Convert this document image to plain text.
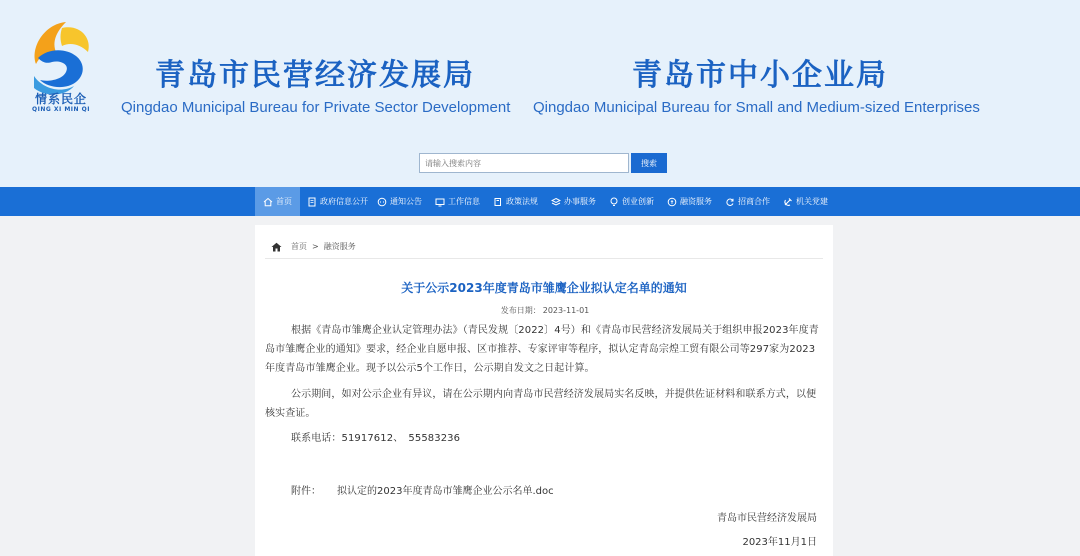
情系民企
QING XI MIN QI
青岛市民营经济发展局
Qingdao Municipal Bureau for Private Sector Development
青岛市中小企业局
Qingdao Municipal Bureau for Small and Medium-sized Enterprises
请输入搜索内容
搜索
首页	政府信息公开	通知公告	工作信息	政策法规	办事服务	创业创新	融资服务	招商合作	机关党建
首页 > 融资服务
关于公示2023年度青岛市雏鹰企业拟认定名单的通知
发布日期： 2023-11-01
根据《青岛市雏鹰企业认定管理办法》（青民发规〔2022〕4号）和《青岛市民营经济发展局关于组织申报2023年度青岛市雏鹰企业的通知》要求，经企业自愿申报、区市推荐、专家评审等程序，拟认定青岛宗煌工贸有限公司等297家为2023年度青岛市雏鹰企业。现予以公示5个工作日，公示期自发文之日起计算。
公示期间，如对公示企业有异议，请在公示期内向青岛市民营经济发展局实名反映，并提供佐证材料和联系方式，以便核实查证。
联系电话：51917612、　55583236
附件： 拟认定的2023年度青岛市雏鹰企业公示名单.doc
青岛市民营经济发展局
2023年11月1日
